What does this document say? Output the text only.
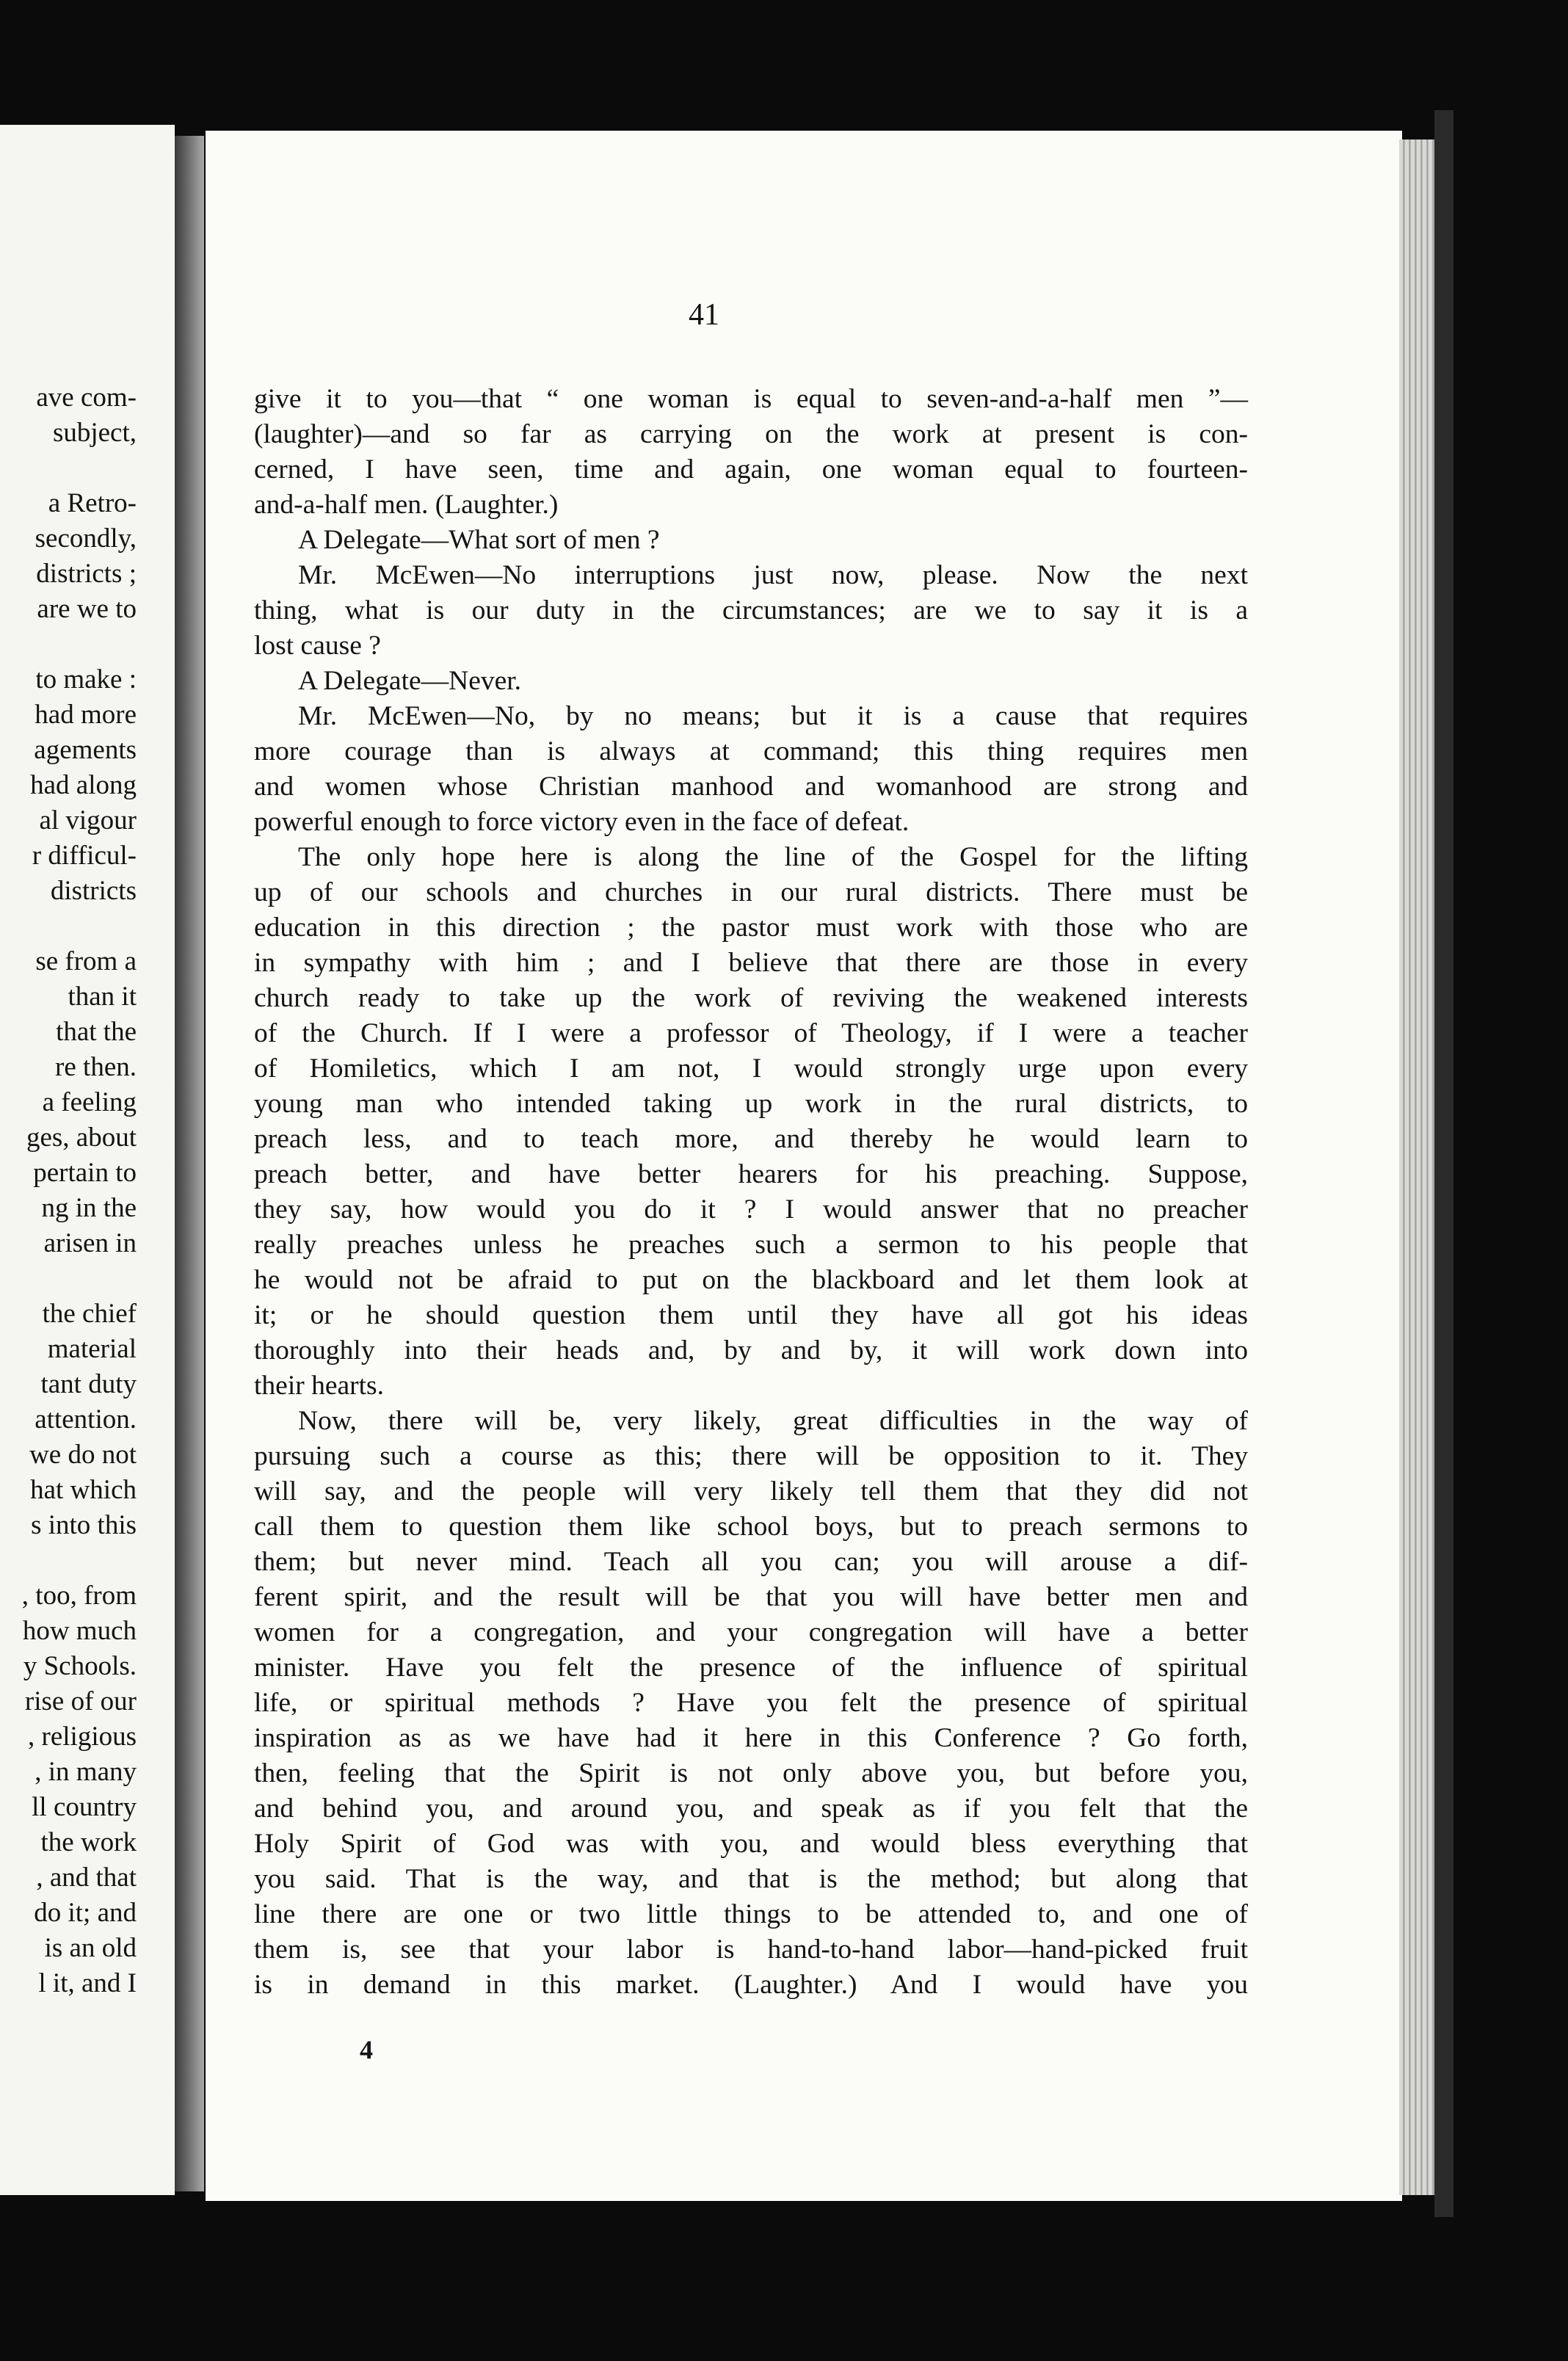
ave com-
subject,
a Retro-
secondly,
districts ;
are we to
to make :
had more
agements
had along
al vigour
r difficul-
districts
se from a
than it
that the
re then.
a feeling
ges, about
pertain to
ng in the
arisen in
the chief
material
tant duty
attention.
we do not
hat which
s into this
, too, from
how much
y Schools.
rise of our
, religious
, in many
ll country
the work
, and that
do it; and
is an old
l it, and I
41
give it to you—that “ one woman is equal to seven-and-a-half men ”—
(laughter)—and so far as carrying on the work at present is con-
cerned, I have seen, time and again, one woman equal to fourteen-
and-a-half men. (Laughter.)
A Delegate—What sort of men ?
Mr. McEwen—No interruptions just now, please. Now the next
thing, what is our duty in the circumstances; are we to say it is a
lost cause ?
A Delegate—Never.
Mr. McEwen—No, by no means; but it is a cause that requires
more courage than is always at command; this thing requires men
and women whose Christian manhood and womanhood are strong and
powerful enough to force victory even in the face of defeat.
The only hope here is along the line of the Gospel for the lifting
up of our schools and churches in our rural districts. There must be
education in this direction ; the pastor must work with those who are
in sympathy with him ; and I believe that there are those in every
church ready to take up the work of reviving the weakened interests
of the Church. If I were a professor of Theology, if I were a teacher
of Homiletics, which I am not, I would strongly urge upon every
young man who intended taking up work in the rural districts, to
preach less, and to teach more, and thereby he would learn to
preach better, and have better hearers for his preaching. Suppose,
they say, how would you do it ? I would answer that no preacher
really preaches unless he preaches such a sermon to his people that
he would not be afraid to put on the blackboard and let them look at
it; or he should question them until they have all got his ideas
thoroughly into their heads and, by and by, it will work down into
their hearts.
Now, there will be, very likely, great difficulties in the way of
pursuing such a course as this; there will be opposition to it. They
will say, and the people will very likely tell them that they did not
call them to question them like school boys, but to preach sermons to
them; but never mind. Teach all you can; you will arouse a dif-
ferent spirit, and the result will be that you will have better men and
women for a congregation, and your congregation will have a better
minister. Have you felt the presence of the influence of spiritual
life, or spiritual methods ? Have you felt the presence of spiritual
inspiration as as we have had it here in this Conference ? Go forth,
then, feeling that the Spirit is not only above you, but before you,
and behind you, and around you, and speak as if you felt that the
Holy Spirit of God was with you, and would bless everything that
you said. That is the way, and that is the method; but along that
line there are one or two little things to be attended to, and one of
them is, see that your labor is hand-to-hand labor—hand-picked fruit
is in demand in this market. (Laughter.) And I would have you
4
